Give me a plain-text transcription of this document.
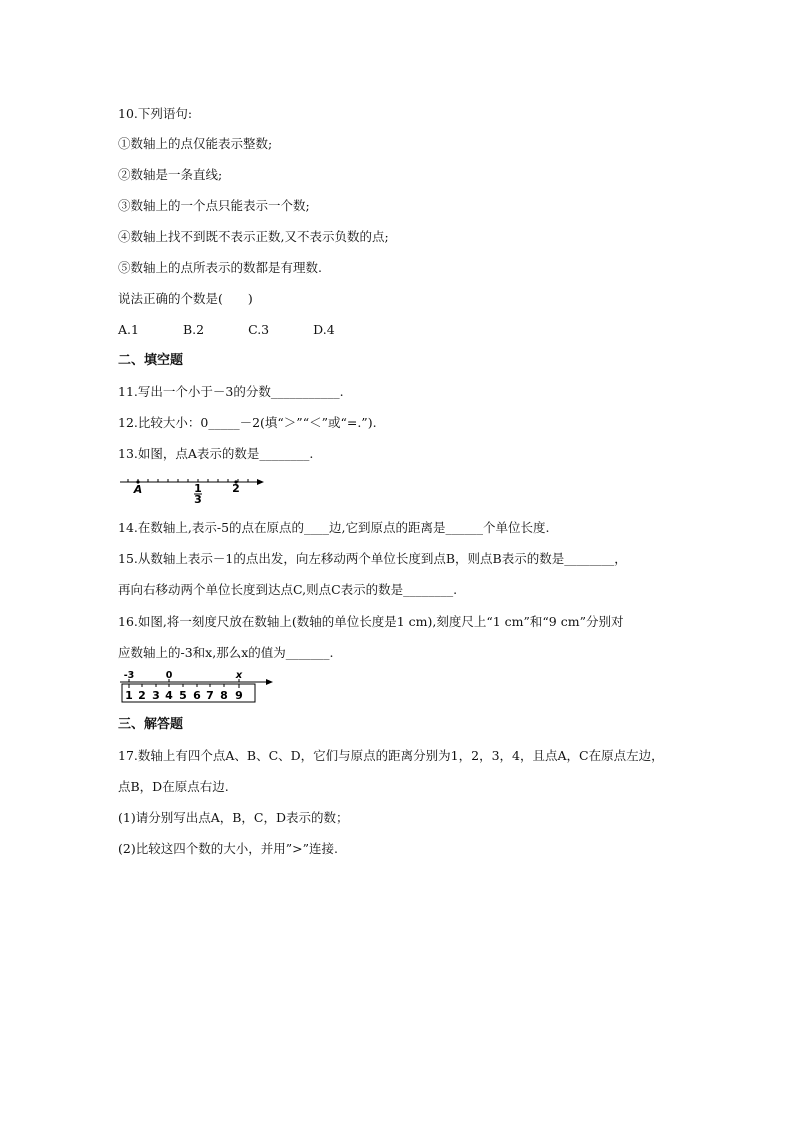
10.下列语句:
①数轴上的点仅能表示整数;
②数轴是一条直线;
③数轴上的一个点只能表示一个数;
④数轴上找不到既不表示正数,又不表示负数的点;
⑤数轴上的点所表示的数都是有理数.
说法正确的个数是(　　)
A.1	B.2	C.3	D.4
二、填空题
11.写出一个小于－3的分数___________.
12.比较大小：0_____－2(填“＞”“＜”或“=.”).
13.如图，点A表示的数是________.
A	1
3
2
14.在数轴上,表示-5的点在原点的____边,它到原点的距离是______个单位长度.
15.从数轴上表示－1的点出发，向左移动两个单位长度到点B，则点B表示的数是________，
再向右移动两个单位长度到达点C,则点C表示的数是________.
16.如图,将一刻度尺放在数轴上(数轴的单位长度是1 cm),刻度尺上“1 cm”和“9 cm”分别对
应数轴上的-3和x,那么x的值为_______.
-3	0	x
1 2 3 4 5 6 7 8 9
三、解答题
17.数轴上有四个点A、B、C、D，它们与原点的距离分别为1，2，3，4，且点A，C在原点左边，
点B，D在原点右边.
(1)请分别写出点A，B，C，D表示的数；
(2)比较这四个数的大小，并用”>”连接.
